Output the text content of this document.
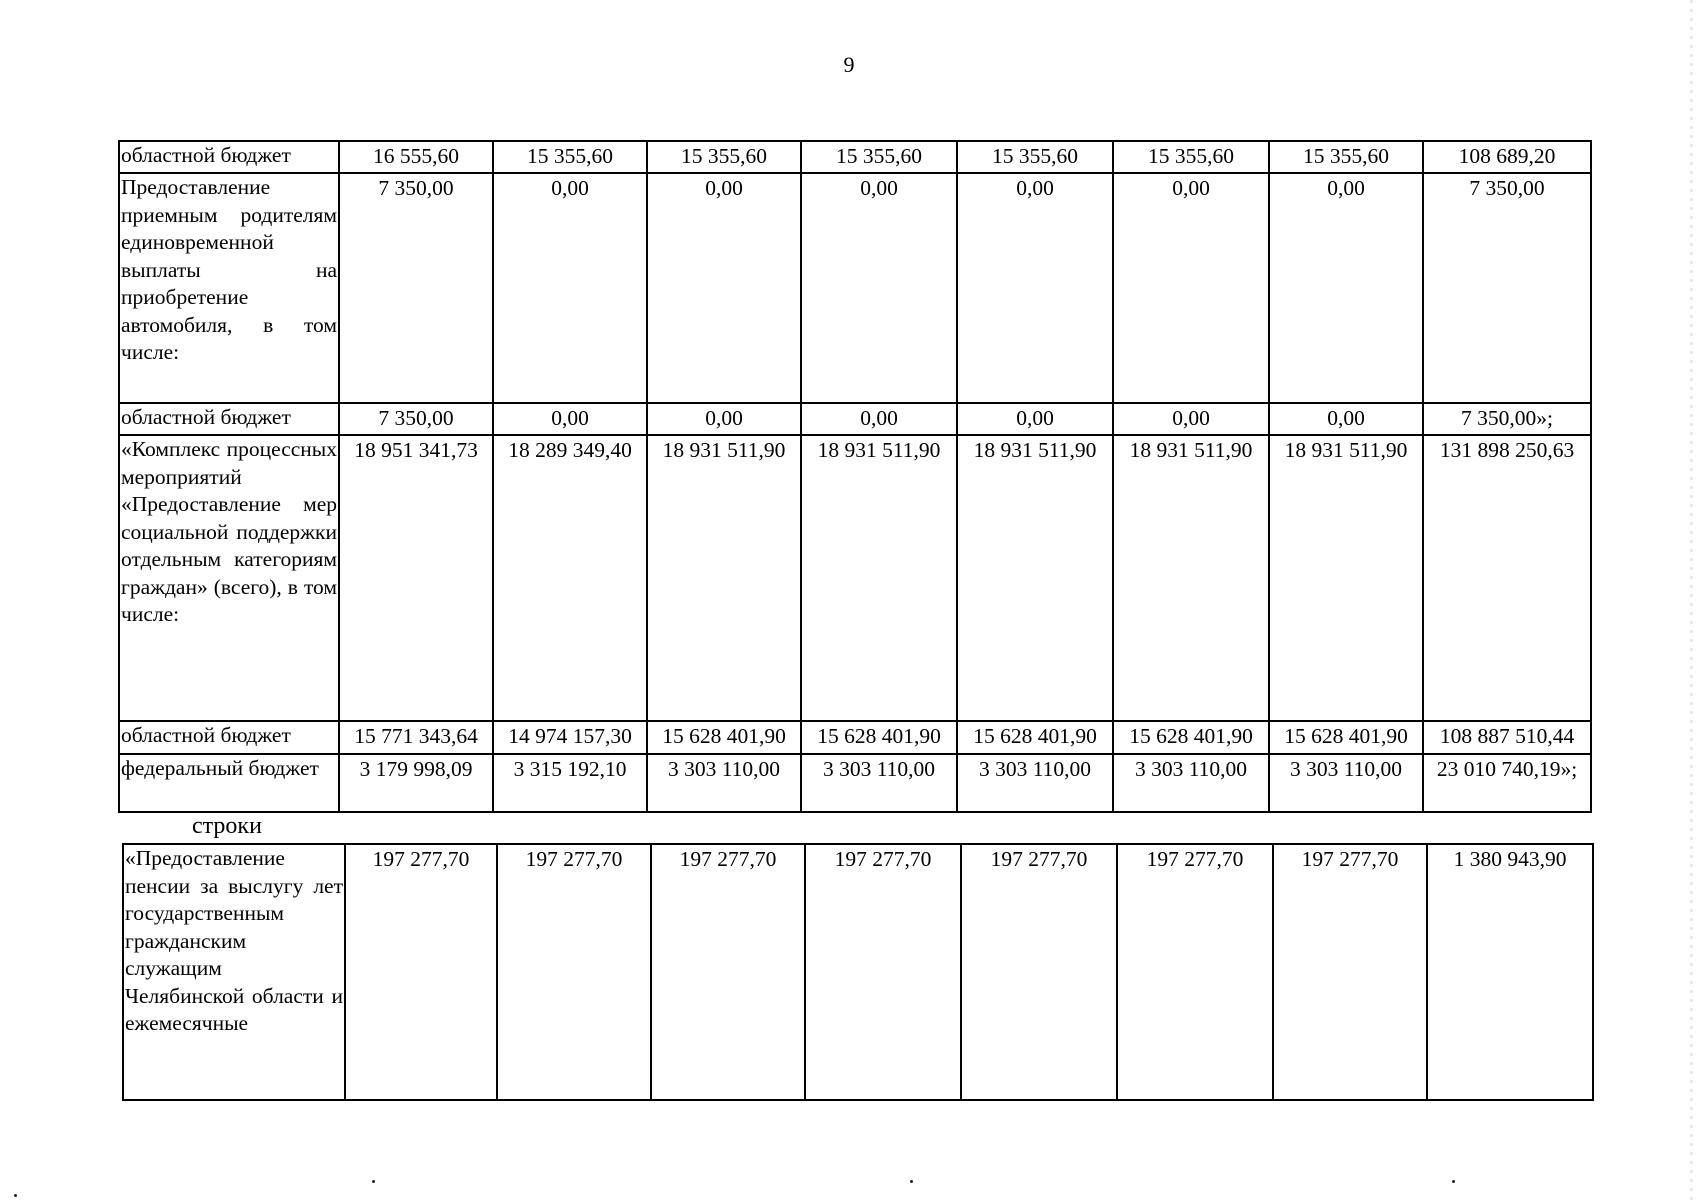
9
областной бюджет	16 555,60	15 355,60	15 355,60	15 355,60	15 355,60	15 355,60	15 355,60	108 689,20
Предоставление приемным родителям единовременной выплаты на приобретение автомобиля, в том числе:	7 350,00	0,00	0,00	0,00	0,00	0,00	0,00	7 350,00
областной бюджет	7 350,00	0,00	0,00	0,00	0,00	0,00	0,00	7 350,00»;
«Комплекс процессных мероприятий «Предоставление мер социальной поддержки отдельным категориям граждан» (всего), в том числе:	18 951 341,73	18 289 349,40	18 931 511,90	18 931 511,90	18 931 511,90	18 931 511,90	18 931 511,90	131 898 250,63
областной бюджет	15 771 343,64	14 974 157,30	15 628 401,90	15 628 401,90	15 628 401,90	15 628 401,90	15 628 401,90	108 887 510,44
федеральный бюджет	3 179 998,09	3 315 192,10	3 303 110,00	3 303 110,00	3 303 110,00	3 303 110,00	3 303 110,00	23 010 740,19»;
строки
«Предоставление пенсии за выслугу лет государственным гражданским служащим Челябинской области и ежемесячные	197 277,70	197 277,70	197 277,70	197 277,70	197 277,70	197 277,70	197 277,70	1 380 943,90
